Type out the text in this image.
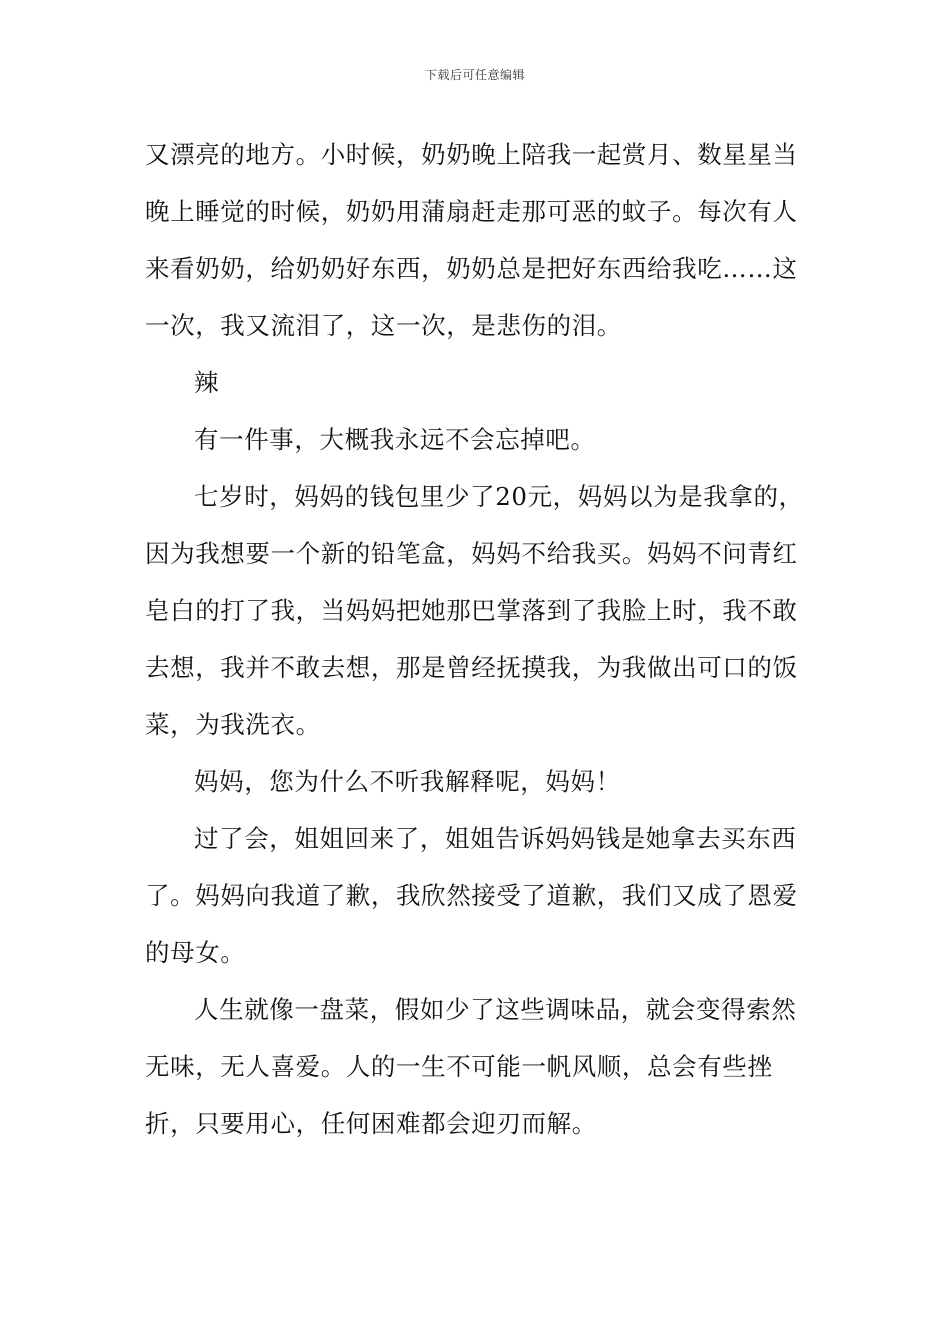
下载后可任意编辑

又漂亮的地方。小时候，奶奶晚上陪我一起赏月、数星星当晚上睡觉的时候，奶奶用蒲扇赶走那可恶的蚊子。每次有人来看奶奶，给奶奶好东西，奶奶总是把好东西给我吃……这一次，我又流泪了，这一次，是悲伤的泪。

辣

有一件事，大概我永远不会忘掉吧。

七岁时，妈妈的钱包里少了20元，妈妈以为是我拿的，因为我想要一个新的铅笔盒，妈妈不给我买。妈妈不问青红皂白的打了我，当妈妈把她那巴掌落到了我脸上时，我不敢去想，我并不敢去想，那是曾经抚摸我，为我做出可口的饭菜，为我洗衣。

妈妈，您为什么不听我解释呢，妈妈！

过了会，姐姐回来了，姐姐告诉妈妈钱是她拿去买东西了。妈妈向我道了歉，我欣然接受了道歉，我们又成了恩爱的母女。

人生就像一盘菜，假如少了这些调味品，就会变得索然无味，无人喜爱。人的一生不可能一帆风顺，总会有些挫折，只要用心，任何困难都会迎刃而解。
